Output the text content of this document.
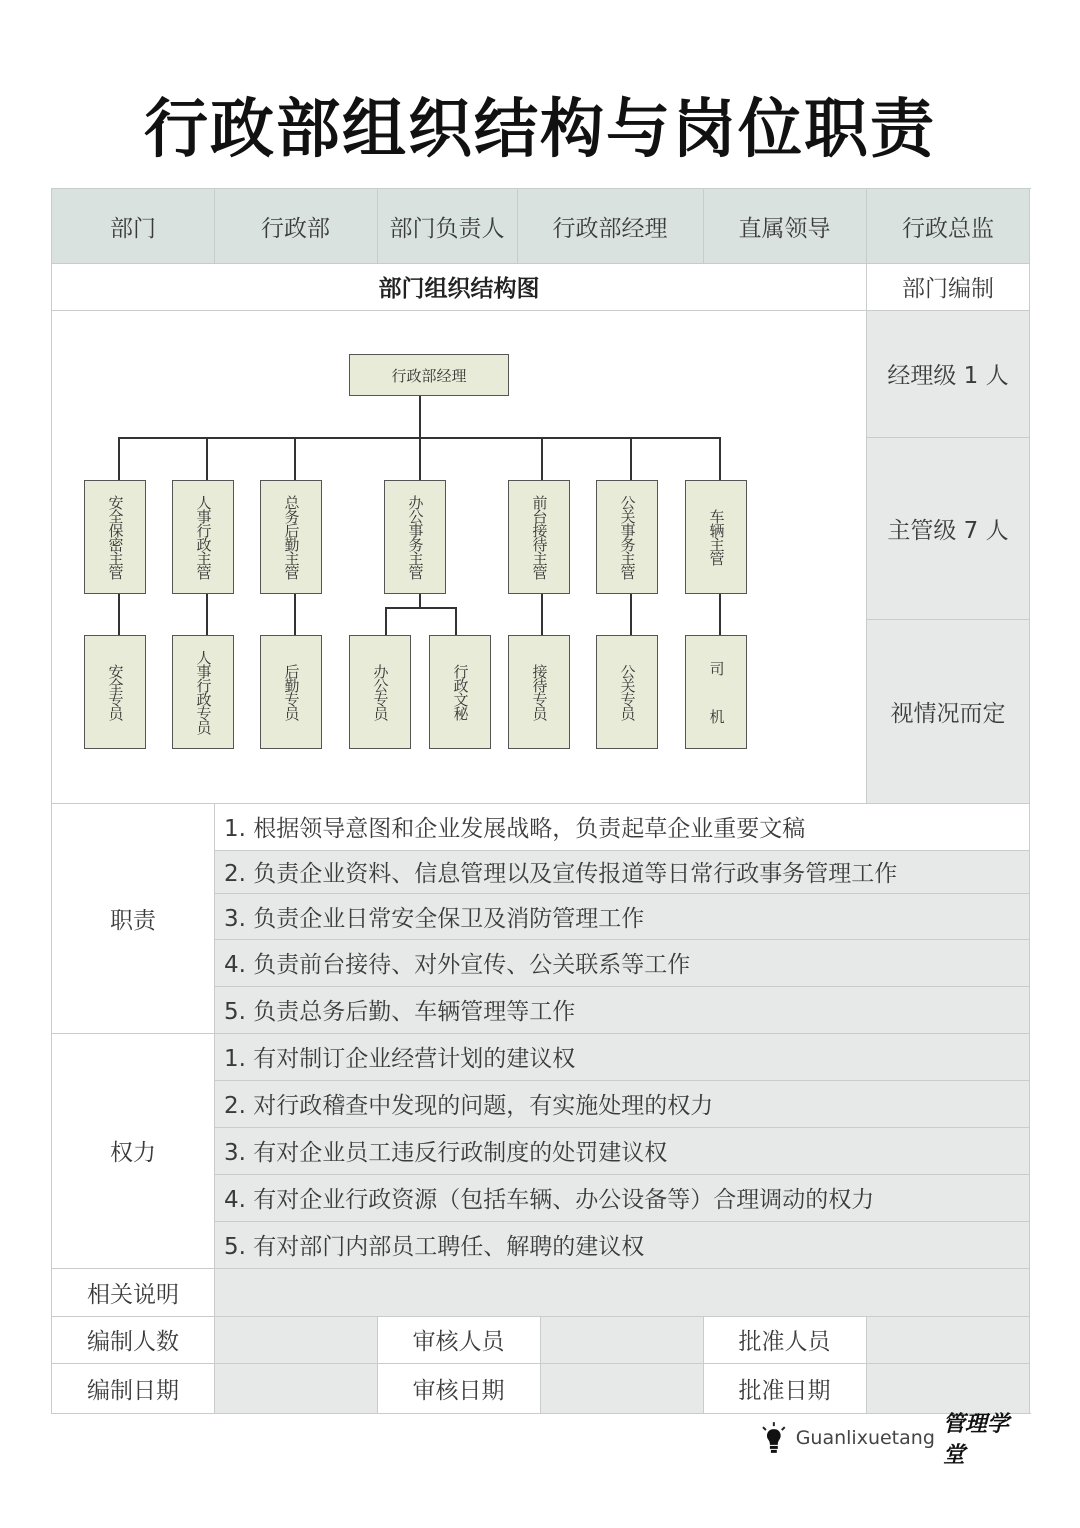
行政部组织结构与岗位职责
部门	行政部	部门负责人	行政部经理	直属领导	行政总监
部门组织结构图	部门编制
经理级 1 人
主管级 7 人
视情况而定
行政部经理
安全保密主管	人事行政主管	总务后勤主管	办公事务主管	前台接待主管	公关事务主管	车辆主管
安全专员	人事行政专员	后勤专员	办公专员	行政文秘	接待专员	公关专员	司  机
职责
1. 根据领导意图和企业发展战略，负责起草企业重要文稿
2. 负责企业资料、信息管理以及宣传报道等日常行政事务管理工作
3. 负责企业日常安全保卫及消防管理工作
4. 负责前台接待、对外宣传、公关联系等工作
5. 负责总务后勤、车辆管理等工作
权力
1. 有对制订企业经营计划的建议权
2. 对行政稽查中发现的问题，有实施处理的权力
3. 有对企业员工违反行政制度的处罚建议权
4. 有对企业行政资源（包括车辆、办公设备等）合理调动的权力
5. 有对部门内部员工聘任、解聘的建议权
相关说明
编制人数	审核人员	批准人员
编制日期	审核日期	批准日期
Guanlixuetang
管理学堂
